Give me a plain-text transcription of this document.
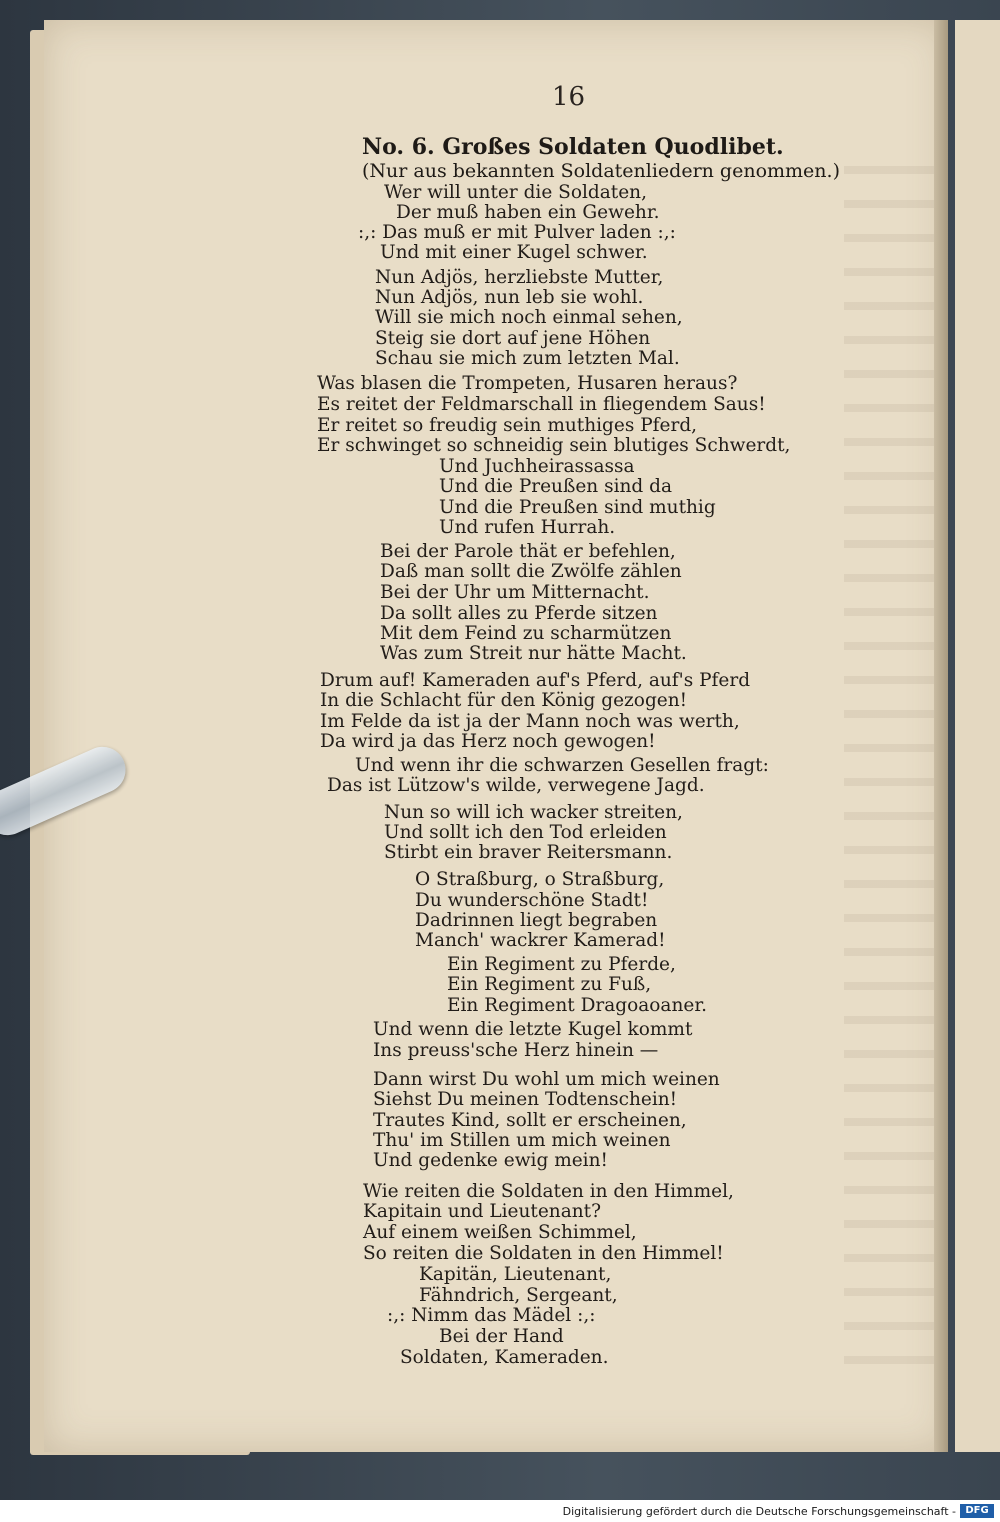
16
No. 6. Großes Soldaten Quodlibet.
(Nur aus bekannten Soldatenliedern genommen.)
Wer will unter die Soldaten,
Der muß haben ein Gewehr.
:,: Das muß er mit Pulver laden :,:
Und mit einer Kugel schwer.
Nun Adjös, herzliebste Mutter,
Nun Adjös, nun leb sie wohl.
Will sie mich noch einmal sehen,
Steig sie dort auf jene Höhen
Schau sie mich zum letzten Mal.
Was blasen die Trompeten, Husaren heraus?
Es reitet der Feldmarschall in fliegendem Saus!
Er reitet so freudig sein muthiges Pferd,
Er schwinget so schneidig sein blutiges Schwerdt,
Und Juchheirassassa
Und die Preußen sind da
Und die Preußen sind muthig
Und rufen Hurrah.
Bei der Parole thät er befehlen,
Daß man sollt die Zwölfe zählen
Bei der Uhr um Mitternacht.
Da sollt alles zu Pferde sitzen
Mit dem Feind zu scharmützen
Was zum Streit nur hätte Macht.
Drum auf! Kameraden auf's Pferd, auf's Pferd
In die Schlacht für den König gezogen!
Im Felde da ist ja der Mann noch was werth,
Da wird ja das Herz noch gewogen!
Und wenn ihr die schwarzen Gesellen fragt:
Das ist Lützow's wilde, verwegene Jagd.
Nun so will ich wacker streiten,
Und sollt ich den Tod erleiden
Stirbt ein braver Reitersmann.
O Straßburg, o Straßburg,
Du wunderschöne Stadt!
Dadrinnen liegt begraben
Manch' wackrer Kamerad!
Ein Regiment zu Pferde,
Ein Regiment zu Fuß,
Ein Regiment Dragoaoaner.
Und wenn die letzte Kugel kommt
Ins preuss'sche Herz hinein —
Dann wirst Du wohl um mich weinen
Siehst Du meinen Todtenschein!
Trautes Kind, sollt er erscheinen,
Thu' im Stillen um mich weinen
Und gedenke ewig mein!
Wie reiten die Soldaten in den Himmel,
Kapitain und Lieutenant?
Auf einem weißen Schimmel,
So reiten die Soldaten in den Himmel!
Kapitän, Lieutenant,
Fähndrich, Sergeant,
:,: Nimm das Mädel :,:
Bei der Hand
Soldaten, Kameraden.
Digitalisierung gefördert durch die Deutsche Forschungsgemeinschaft - DFG
